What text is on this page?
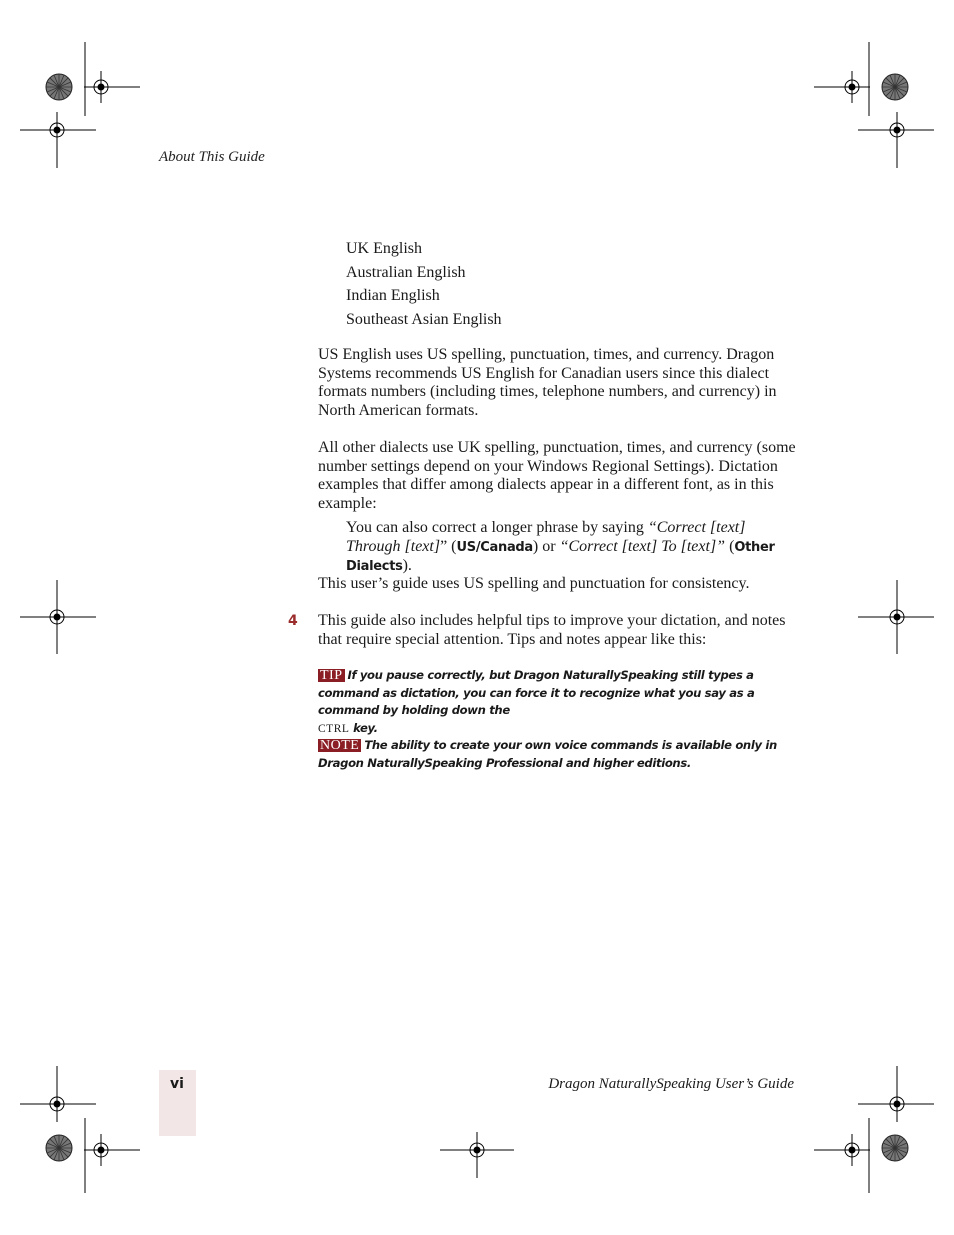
About This Guide
UK English
Australian English
Indian English
Southeast Asian English
US English uses US spelling, punctuation, times, and currency. Dragon Systems recommends US English for Canadian users since this dialect formats numbers (including times, telephone numbers, and currency) in North American formats.
All other dialects use UK spelling, punctuation, times, and currency (some number settings depend on your Windows Regional Settings). Dictation examples that differ among dialects appear in a different font, as in this example:
You can also correct a longer phrase by saying “Correct [text] Through [text]” (US/Canada) or “Correct [text] To [text]” (Other Dialects).
This user’s guide uses US spelling and punctuation for consistency.
4 This guide also includes helpful tips to improve your dictation, and notes that require special attention. Tips and notes appear like this:
TIP If you pause correctly, but Dragon NaturallySpeaking still types a command as dictation, you can force it to recognize what you say as a command by holding down the
CTRL key.
NOTE The ability to create your own voice commands is available only in Dragon NaturallySpeaking Professional and higher editions.
vi	Dragon NaturallySpeaking User’s Guide
